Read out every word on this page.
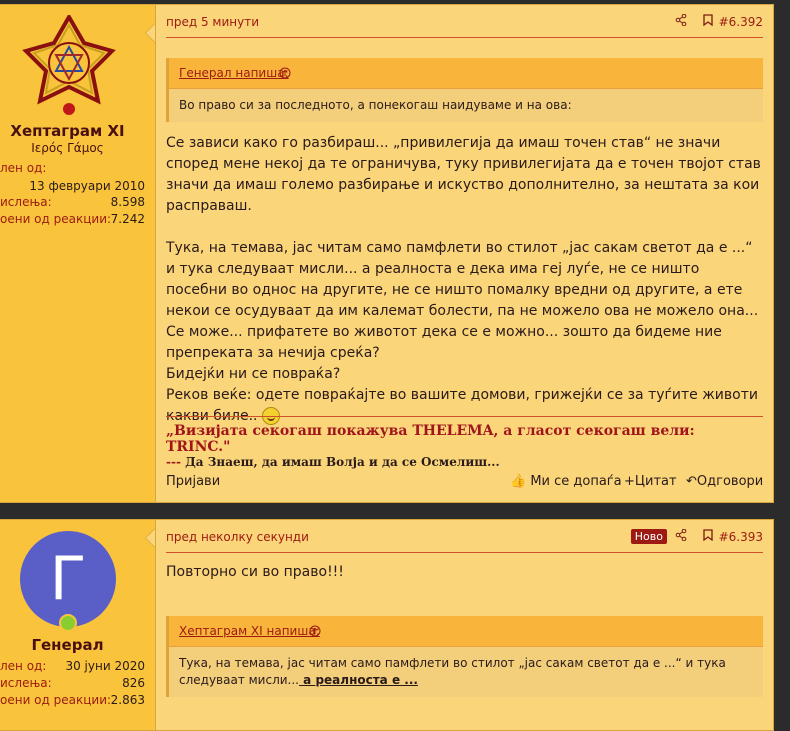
Хептаграм XI
Ιερός Γάμος
лен од:
13 февруари 2010
ислења:	8.598
оени од реакции: 7.242
пред 5 минути	#6.392
Генерал напиша:
Во право си за последното, а понекогаш наидуваме и на ова:
Се зависи како го разбираш... „привилегија да имаш точен став“ не значи според мене некој да те ограничува, туку привилегијата да е точен твојот став значи да имаш големо разбирање и искуство дополнително, за нештата за кои расправаш.
Тука, на темава, јас читам само памфлети во стилот „јас сакам светот да е ...“ и тука следуваат мисли... а реалноста е дека има геј луѓе, не се ништо посебни во однос на другите, не се ништо помалку вредни од другите, а ете некои се осудуваат да им калемат болести, па не можело ова не можело она...
Се може... прифатете во животот дека се е можно... зошто да бидеме ние препреката за нечија среќа?
Бидејќи ни се повраќа?
Реков веќе: одете повраќајте во вашите домови, грижејќи се за туѓите животи какви биле..
„Визијата секогаш покажува THELEMA, а гласот секогаш вели: TRINC."
--- Да Знаеш, да имаш Волја и да се Осмелиш...
Пријави	👍 Ми се допаѓа +Цитат ↶Одговори
Г
Генерал
лен од: 30 јуни 2020
ислења:	826
оени од реакции: 2.863
пред неколку секунди	Ново	#6.393
Повторно си во право!!!
Хептаграм XI напиша:
Тука, на темава, јас читам само памфлети во стилот „јас сакам светот да е ...“ и тука следуваат мисли... а реалноста е ...
